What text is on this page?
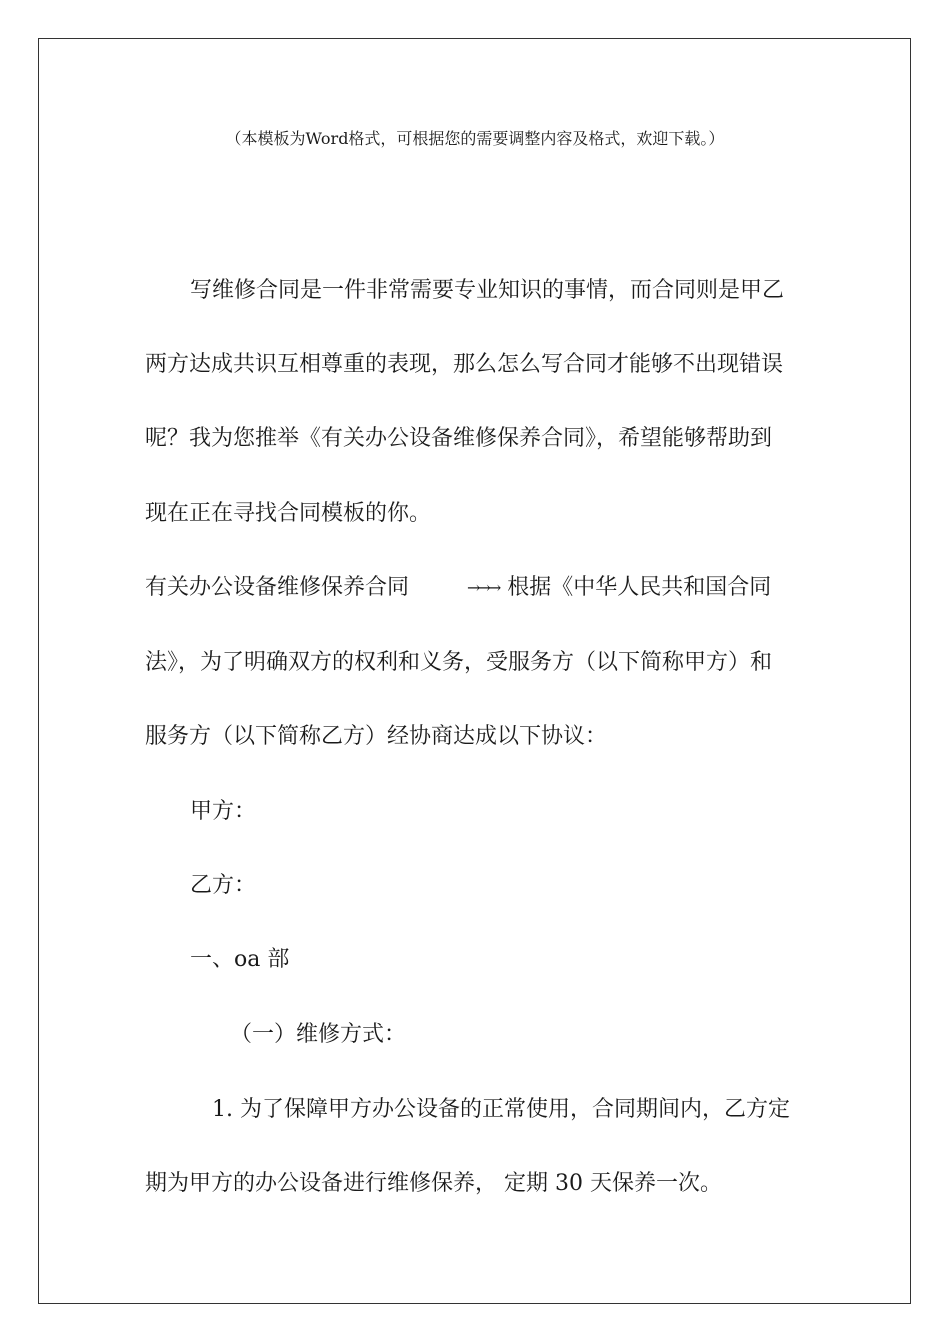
（本模板为Word格式，可根据您的需要调整内容及格式，欢迎下载。）
写维修合同是一件非常需要专业知识的事情，而合同则是甲乙
两方达成共识互相尊重的表现，那么怎么写合同才能够不出现错误
呢？我为您推举《有关办公设备维修保养合同》，希望能够帮助到
现在正在寻找合同模板的你。
有关办公设备维修保养合同	→→→ 根据《中华人民共和国合同
法》，为了明确双方的权利和义务，受服务方（以下简称甲方）和
服务方（以下简称乙方）经协商达成以下协议：
甲方：
乙方：
一、oa 部
（一）维修方式：
1. 为了保障甲方办公设备的正常使用，合同期间内，乙方定
期为甲方的办公设备进行维修保养， 定期 30 天保养一次。
